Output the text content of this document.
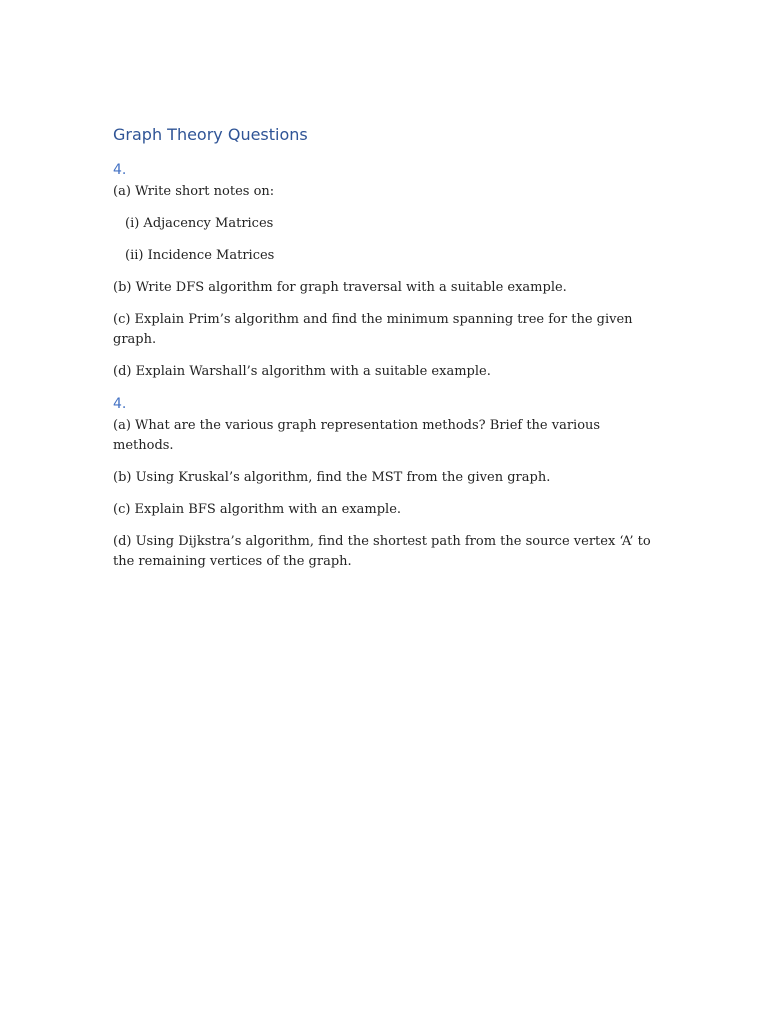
Graph Theory Questions
4.

(a) Write short notes on:

(i) Adjacency Matrices

(ii) Incidence Matrices

(b) Write DFS algorithm for graph traversal with a suitable example.

(c) Explain Prim’s algorithm and find the minimum spanning tree for the given graph.

(d) Explain Warshall’s algorithm with a suitable example.

4.

(a) What are the various graph representation methods? Brief the various methods.

(b) Using Kruskal’s algorithm, find the MST from the given graph.

(c) Explain BFS algorithm with an example.

(d) Using Dijkstra’s algorithm, find the shortest path from the source vertex ‘A’ to the remaining vertices of the graph.
